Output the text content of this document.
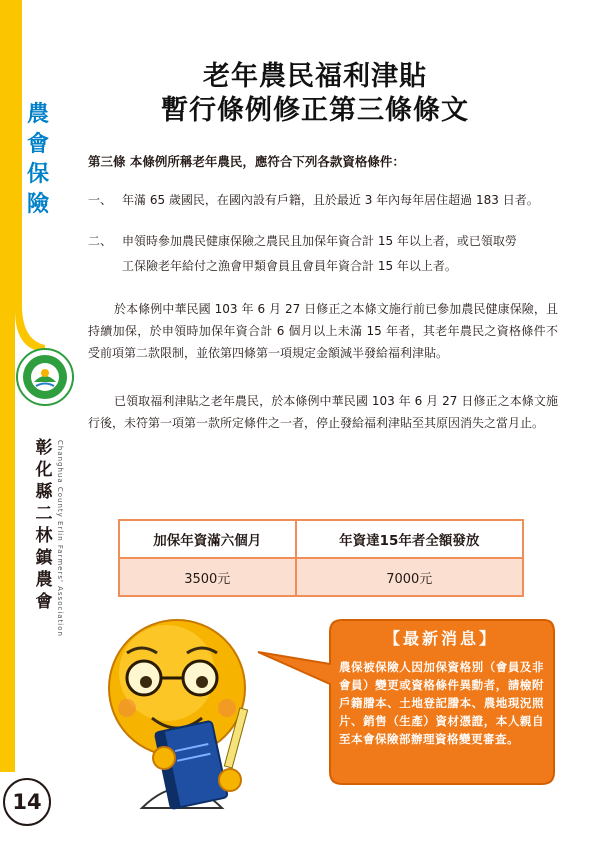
農
會
保
險
彰
化
縣
二
林
鎮
農
會 Changhua County Erlin Farmers' Association
14
老年農民福利津貼
暫行條例修正第三條條文
第三條 本條例所稱老年農民，應符合下列各款資格條件：
一、 年滿 65 歲國民，在國內設有戶籍，且於最近 3 年內每年居住超過 183 日者。
二、 申領時參加農民健康保險之農民且加保年資合計 15 年以上者，或已領取勞
工保險老年給付之漁會甲類會員且會員年資合計 15 年以上者。
於本條例中華民國 103 年 6 月 27 日修正之本條文施行前已參加農民健康保險，且持續加保，於申領時加保年資合計 6 個月以上未滿 15 年者，其老年農民之資格條件不受前項第二款限制，並依第四條第一項規定金額減半發給福利津貼。
已領取福利津貼之老年農民，於本條例中華民國 103 年 6 月 27 日修正之本條文施行後，未符第一項第一款所定條件之一者，停止發給福利津貼至其原因消失之當月止。
加保年資滿六個月	年資達15年者全額發放
3500元	7000元
【最新消息】
農保被保險人因加保資格別（會員及非會員）變更或資格條件異動者，請檢附戶籍謄本、土地登記謄本、農地現況照片、銷售（生產）資材憑證，本人親自至本會保險部辦理資格變更審查。
